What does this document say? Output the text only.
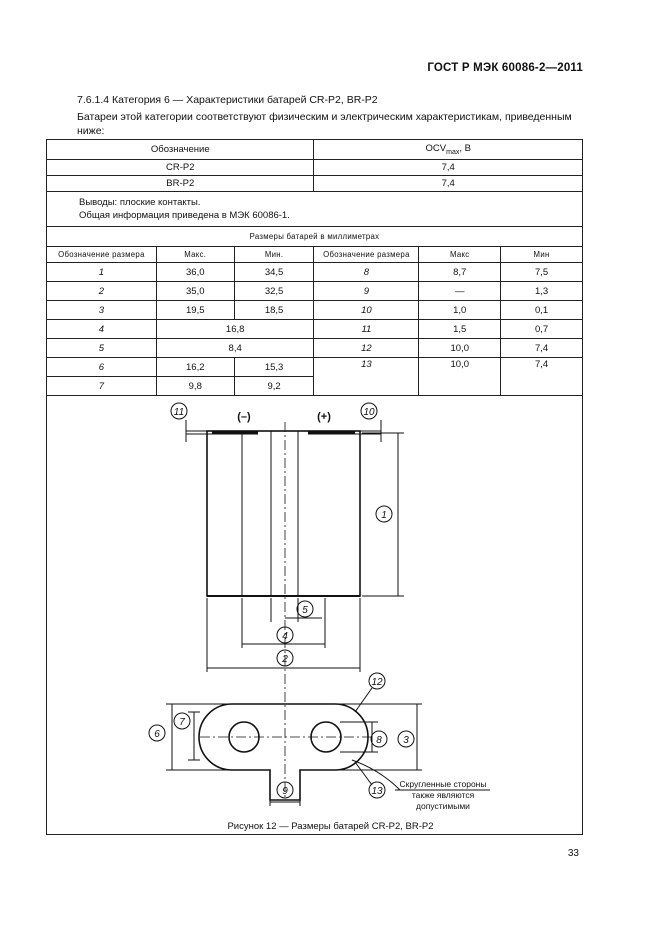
ГОСТ Р МЭК 60086-2—2011
7.6.1.4 Категория 6 — Характеристики батарей CR-P2, BR-P2
Батареи этой категории соответствуют физическим и электрическим характеристикам, приведенным ниже:
Обозначение			$OCV_{max}$, В		
CR-P2			7,4		
BR-P2			7,4		

Выводы: плоские контакты.
Общая информация приведена в МЭК 60086-1.					

Размеры батарей в миллиметрах					
Обозначение размера	Макс.	Мин.	Обозначение размера	Макс	Мин
1	36,0	34,5	8	8,7	7,5
2	35,0	32,5	9	—	1,3
3	19,5	18,5	10	1,0	0,1
4	16,8		11	1,5	0,7
5	8,4		12	10,0	7,4
6	16,2	15,3	13	10,0	7,4
7	9,8	9,2			
11	10
1
5
4
2
12
6
7
8 3
13
9
(–)	(+)
Скругленные стороны
также являются
допустимыми
Рисунок 12 — Размеры батарей CR-P2, BR-P2
33
